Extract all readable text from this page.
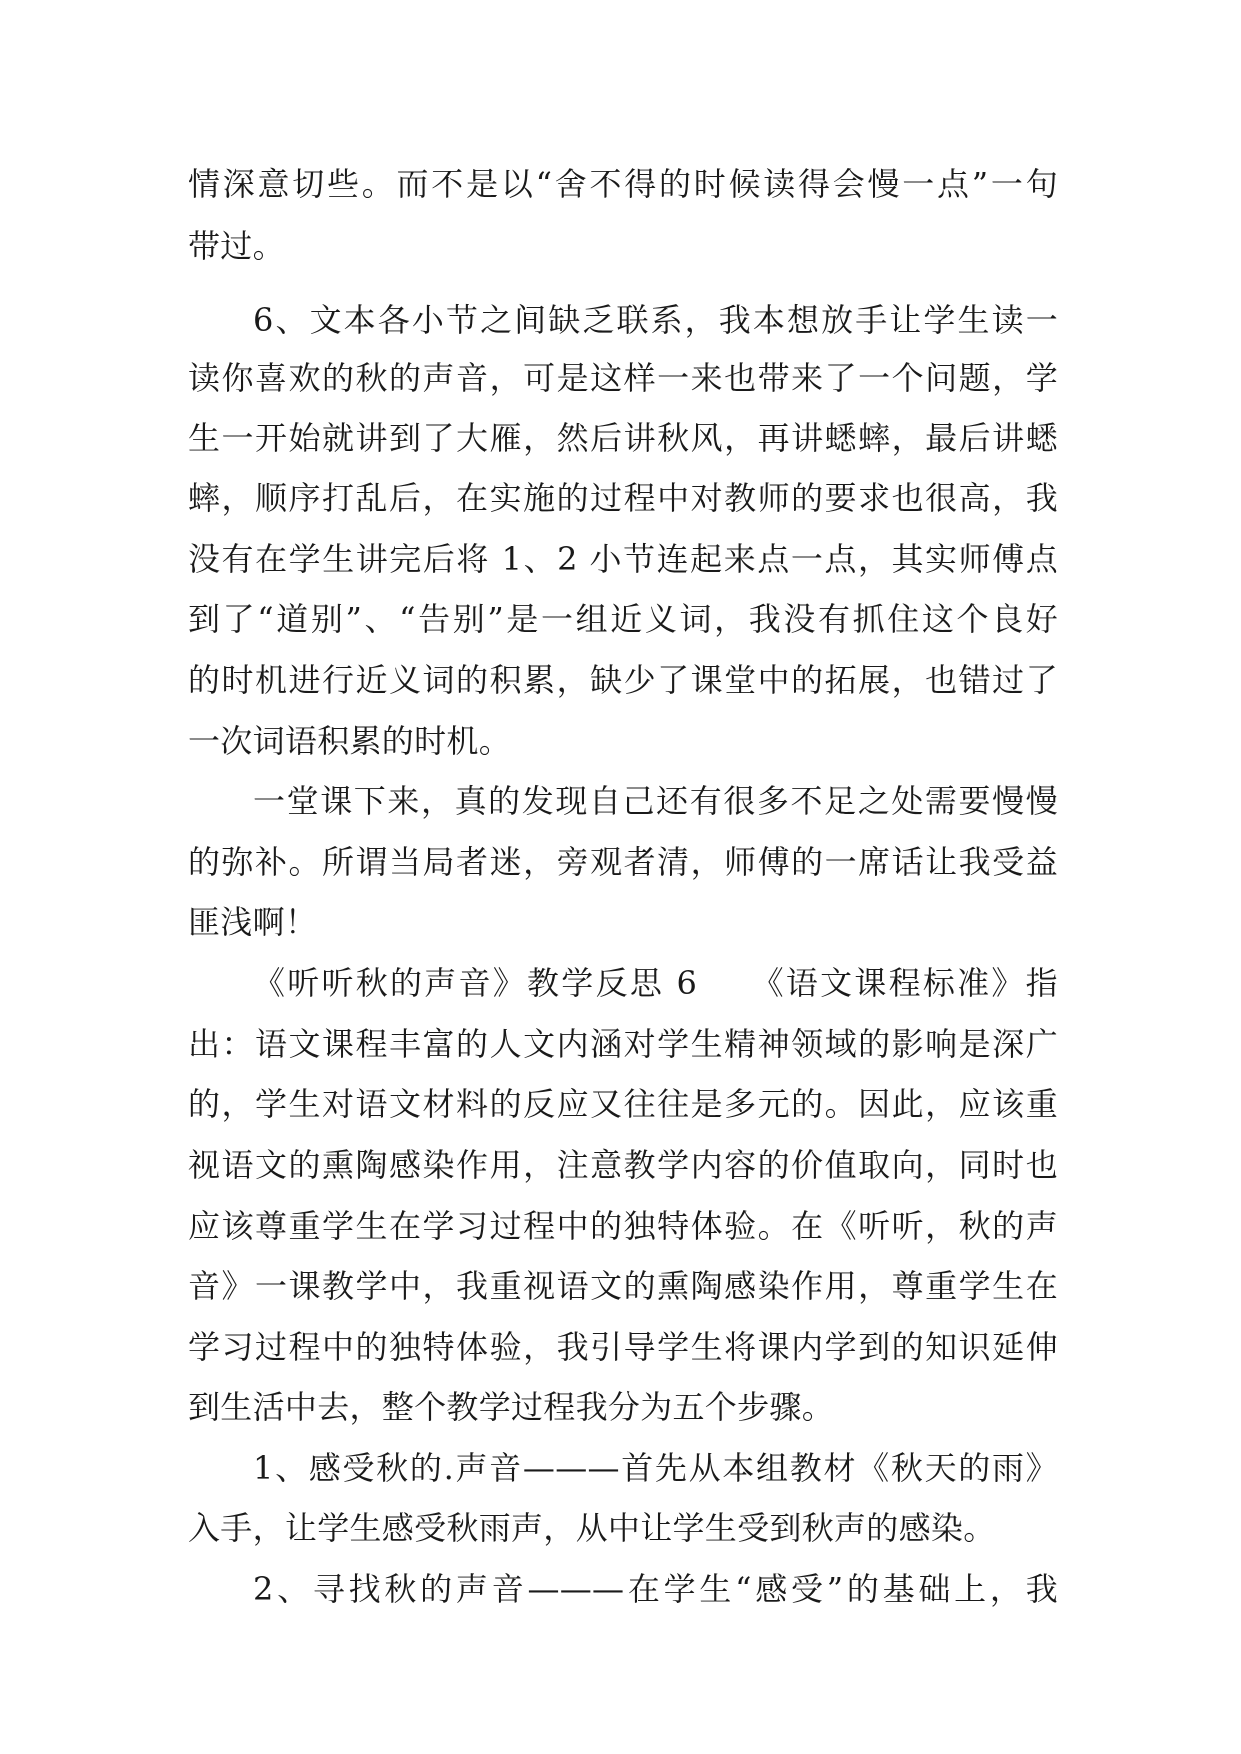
情深意切些。而不是以“舍不得的时候读得会慢一点”一句
带过。
6、文本各小节之间缺乏联系，我本想放手让学生读一
读你喜欢的秋的声音，可是这样一来也带来了一个问题，学
生一开始就讲到了大雁，然后讲秋风，再讲蟋蟀，最后讲蟋
蟀，顺序打乱后，在实施的过程中对教师的要求也很高，我
没有在学生讲完后将 1、2 小节连起来点一点，其实师傅点
到了“道别”、“告别”是一组近义词，我没有抓住这个良好
的时机进行近义词的积累，缺少了课堂中的拓展，也错过了
一次词语积累的时机。
一堂课下来，真的发现自己还有很多不足之处需要慢慢
的弥补。所谓当局者迷，旁观者清，师傅的一席话让我受益
匪浅啊！
《听听秋的声音》教学反思 6　　《语文课程标准》指
出：语文课程丰富的人文内涵对学生精神领域的影响是深广
的，学生对语文材料的反应又往往是多元的。因此，应该重
视语文的熏陶感染作用，注意教学内容的价值取向，同时也
应该尊重学生在学习过程中的独特体验。在《听听，秋的声
音》一课教学中，我重视语文的熏陶感染作用，尊重学生在
学习过程中的独特体验，我引导学生将课内学到的知识延伸
到生活中去，整个教学过程我分为五个步骤。
1、感受秋的.声音———首先从本组教材《秋天的雨》
入手，让学生感受秋雨声，从中让学生受到秋声的感染。
2、寻找秋的声音———在学生“感受”的基础上，我
